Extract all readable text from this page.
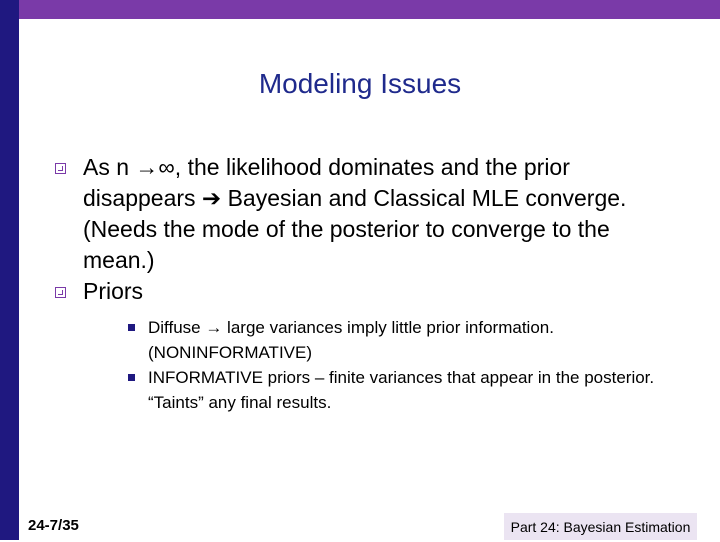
Modeling Issues
As n →∞, the likelihood dominates and the prior disappears ➔ Bayesian and Classical MLE converge. (Needs the mode of the posterior to converge to the mean.)
Priors
Diffuse → large variances imply little prior information. (NONINFORMATIVE)
INFORMATIVE priors – finite variances that appear in the posterior. “Taints” any final results.
24-7/35	Part 24: Bayesian Estimation
